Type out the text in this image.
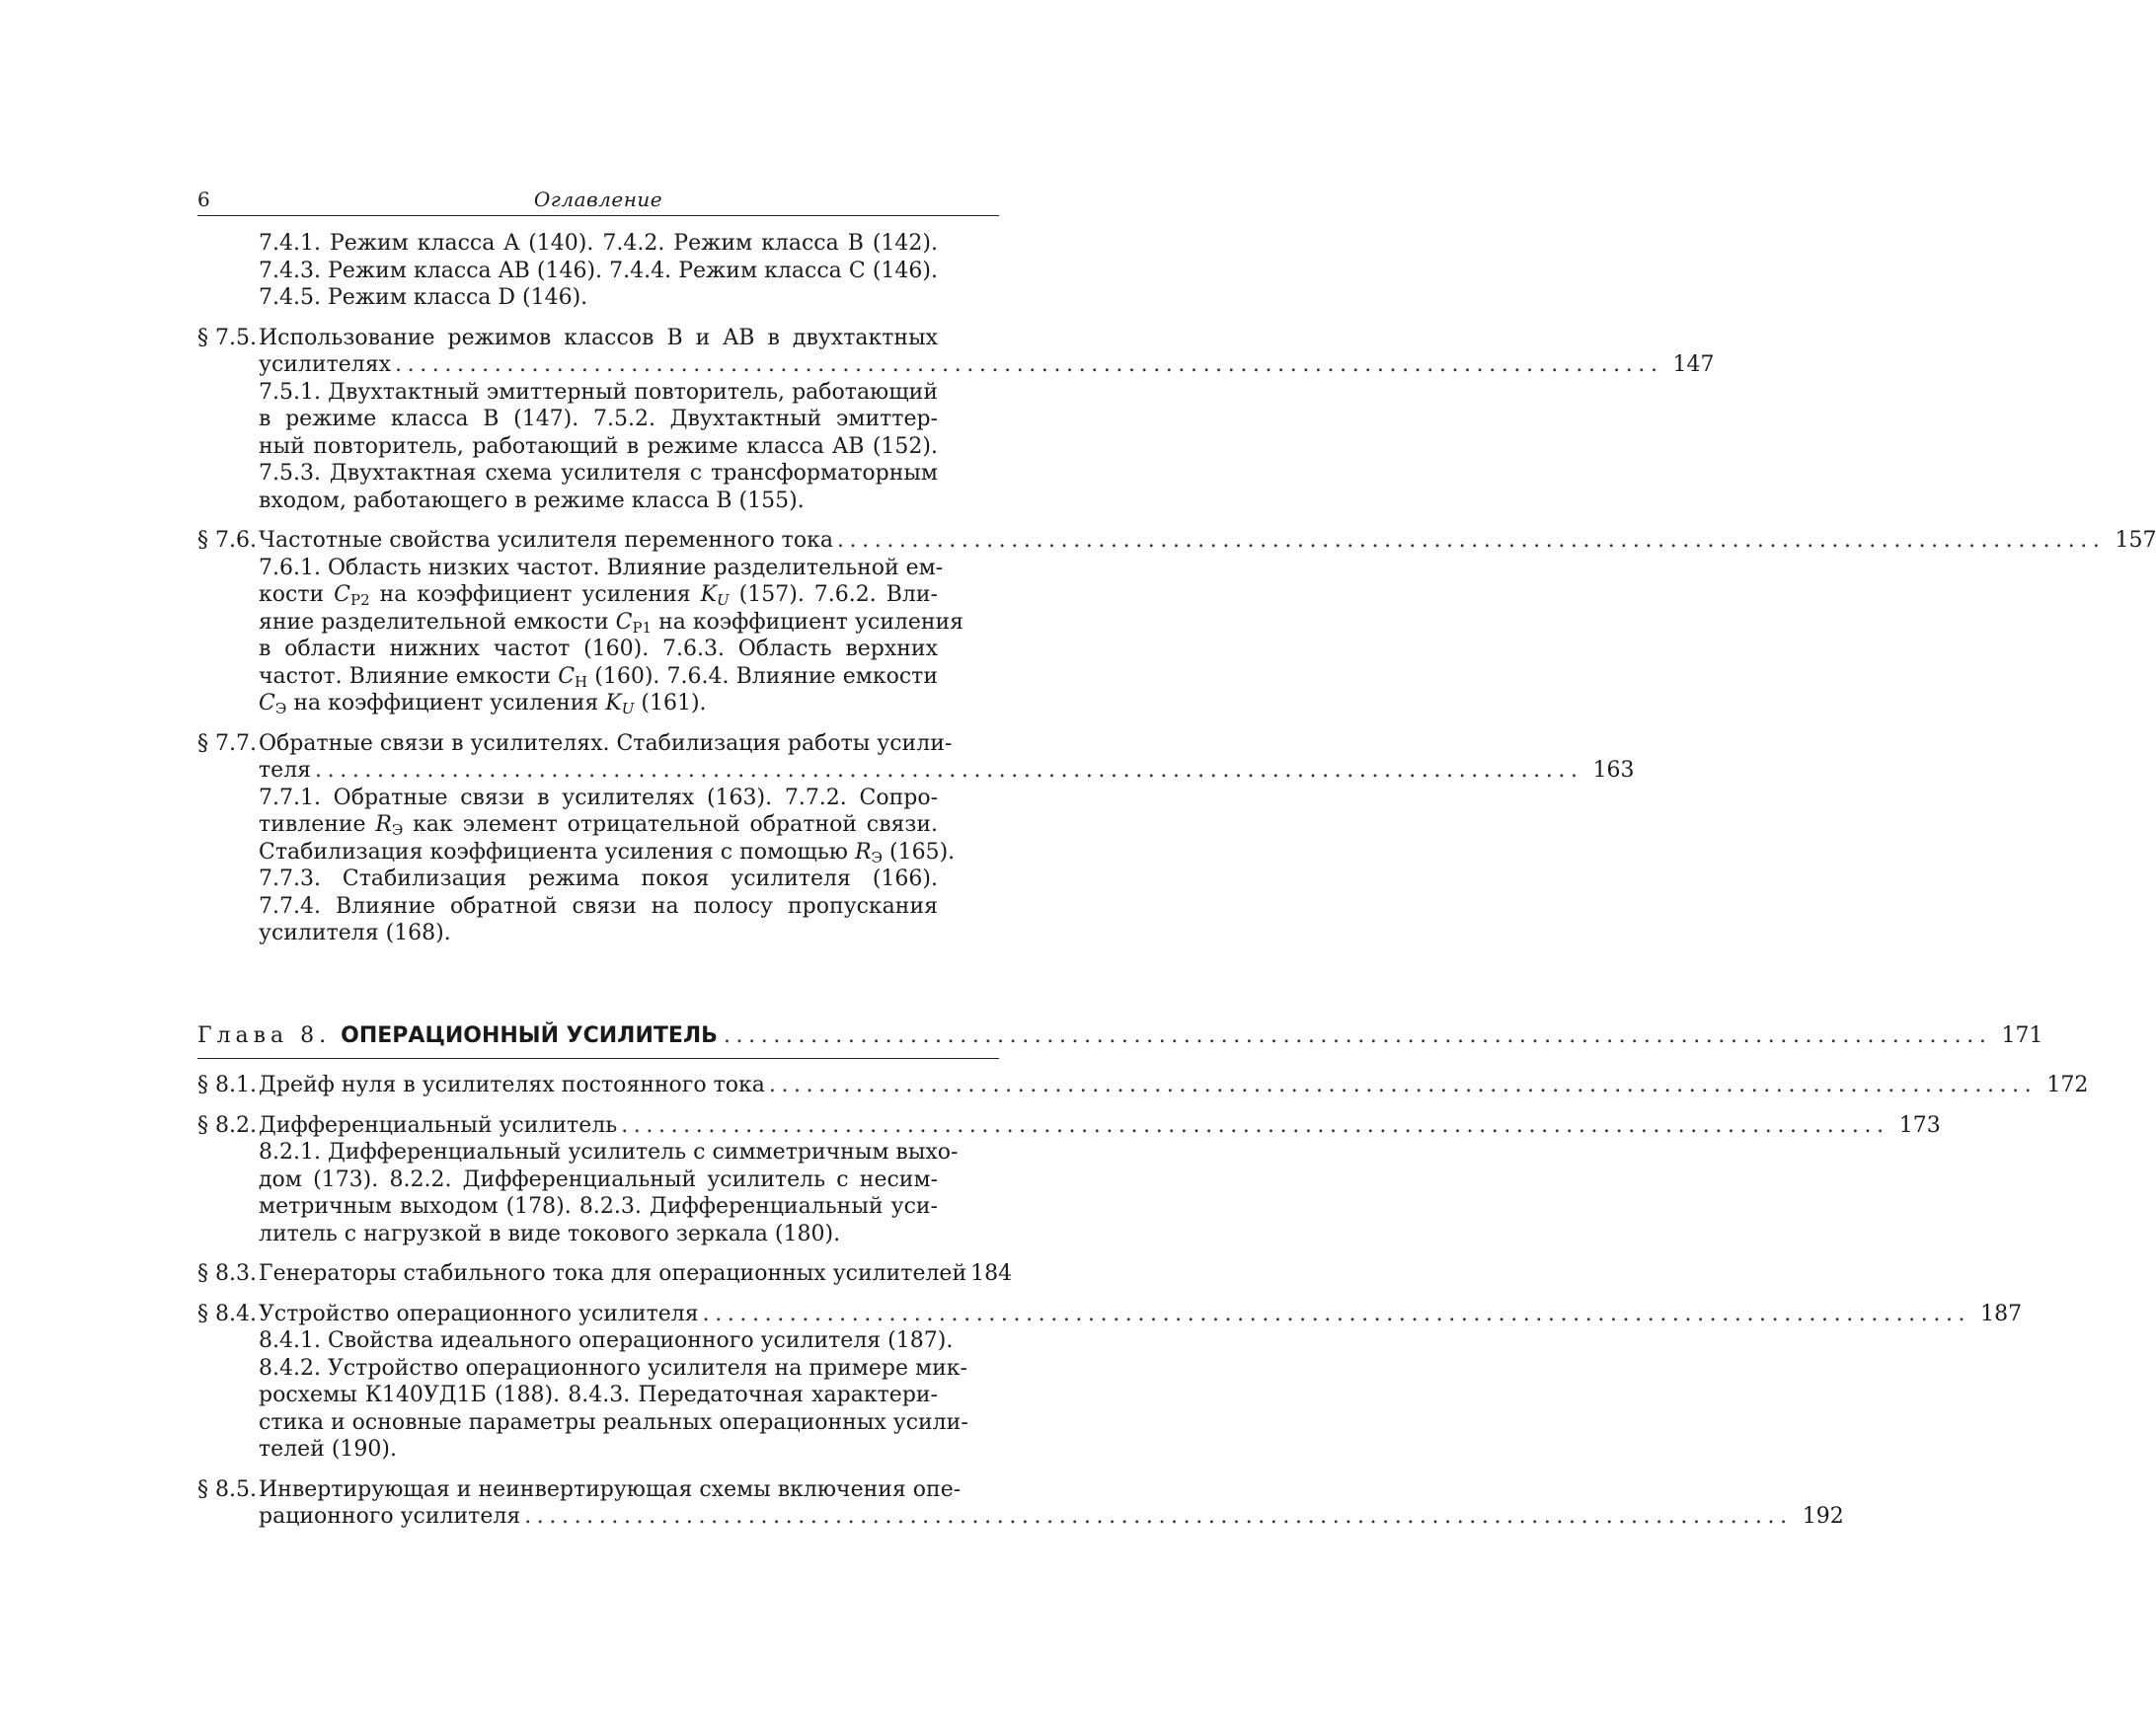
6	Оглавление
7.4.1. Режим класса A (140). 7.4.2. Режим класса B (142).
7.4.3. Режим класса AB (146). 7.4.4. Режим класса C (146).
7.4.5. Режим класса D (146).
§ 7.5. Использование режимов классов B и AB в двухтактных
усилителях ...................................................................................................... 147
7.5.1. Двухтактный эмиттерный повторитель, работающий
в режиме класса B (147). 7.5.2. Двухтактный эмиттер-
ный повторитель, работающий в режиме класса AB (152).
7.5.3. Двухтактная схема усилителя с трансформаторным
входом, работающего в режиме класса B (155).
§ 7.6. Частотные свойства усилителя переменного тока ...................................................................................................... 157
7.6.1. Область низких частот. Влияние разделительной ем-
кости $C_{P2}$ на коэффициент усиления $K_U$ (157). 7.6.2. Вли-
яние разделительной емкости $C_{P1}$ на коэффициент усиления
в области нижних частот (160). 7.6.3. Область верхних
частот. Влияние емкости $C_Н$ (160). 7.6.4. Влияние емкости
$C_Э$ на коэффициент усиления $K_U$ (161).
§ 7.7. Обратные связи в усилителях. Стабилизация работы усили-
теля ...................................................................................................... 163
7.7.1. Обратные связи в усилителях (163). 7.7.2. Сопро-
тивление $R_Э$ как элемент отрицательной обратной связи.
Стабилизация коэффициента усиления с помощью $R_Э$ (165).
7.7.3. Стабилизация режима покоя усилителя (166).
7.7.4. Влияние обратной связи на полосу пропускания
усилителя (168).
Глава 8. ОПЕРАЦИОННЫЙ УСИЛИТЕЛЬ ...................................................................................................... 171
§ 8.1. Дрейф нуля в усилителях постоянного тока ...................................................................................................... 172
§ 8.2. Дифференциальный усилитель ...................................................................................................... 173
8.2.1. Дифференциальный усилитель с симметричным выхо-
дом (173). 8.2.2. Дифференциальный усилитель с несим-
метричным выходом (178). 8.2.3. Дифференциальный уси-
литель с нагрузкой в виде токового зеркала (180).
§ 8.3. Генераторы стабильного тока для операционных усилителей 184
§ 8.4. Устройство операционного усилителя ...................................................................................................... 187
8.4.1. Свойства идеального операционного усилителя (187).
8.4.2. Устройство операционного усилителя на примере мик-
росхемы К140УД1Б (188). 8.4.3. Передаточная характери-
стика и основные параметры реальных операционных усили-
телей (190).
§ 8.5. Инвертирующая и неинвертирующая схемы включения опе-
рационного усилителя ...................................................................................................... 192
